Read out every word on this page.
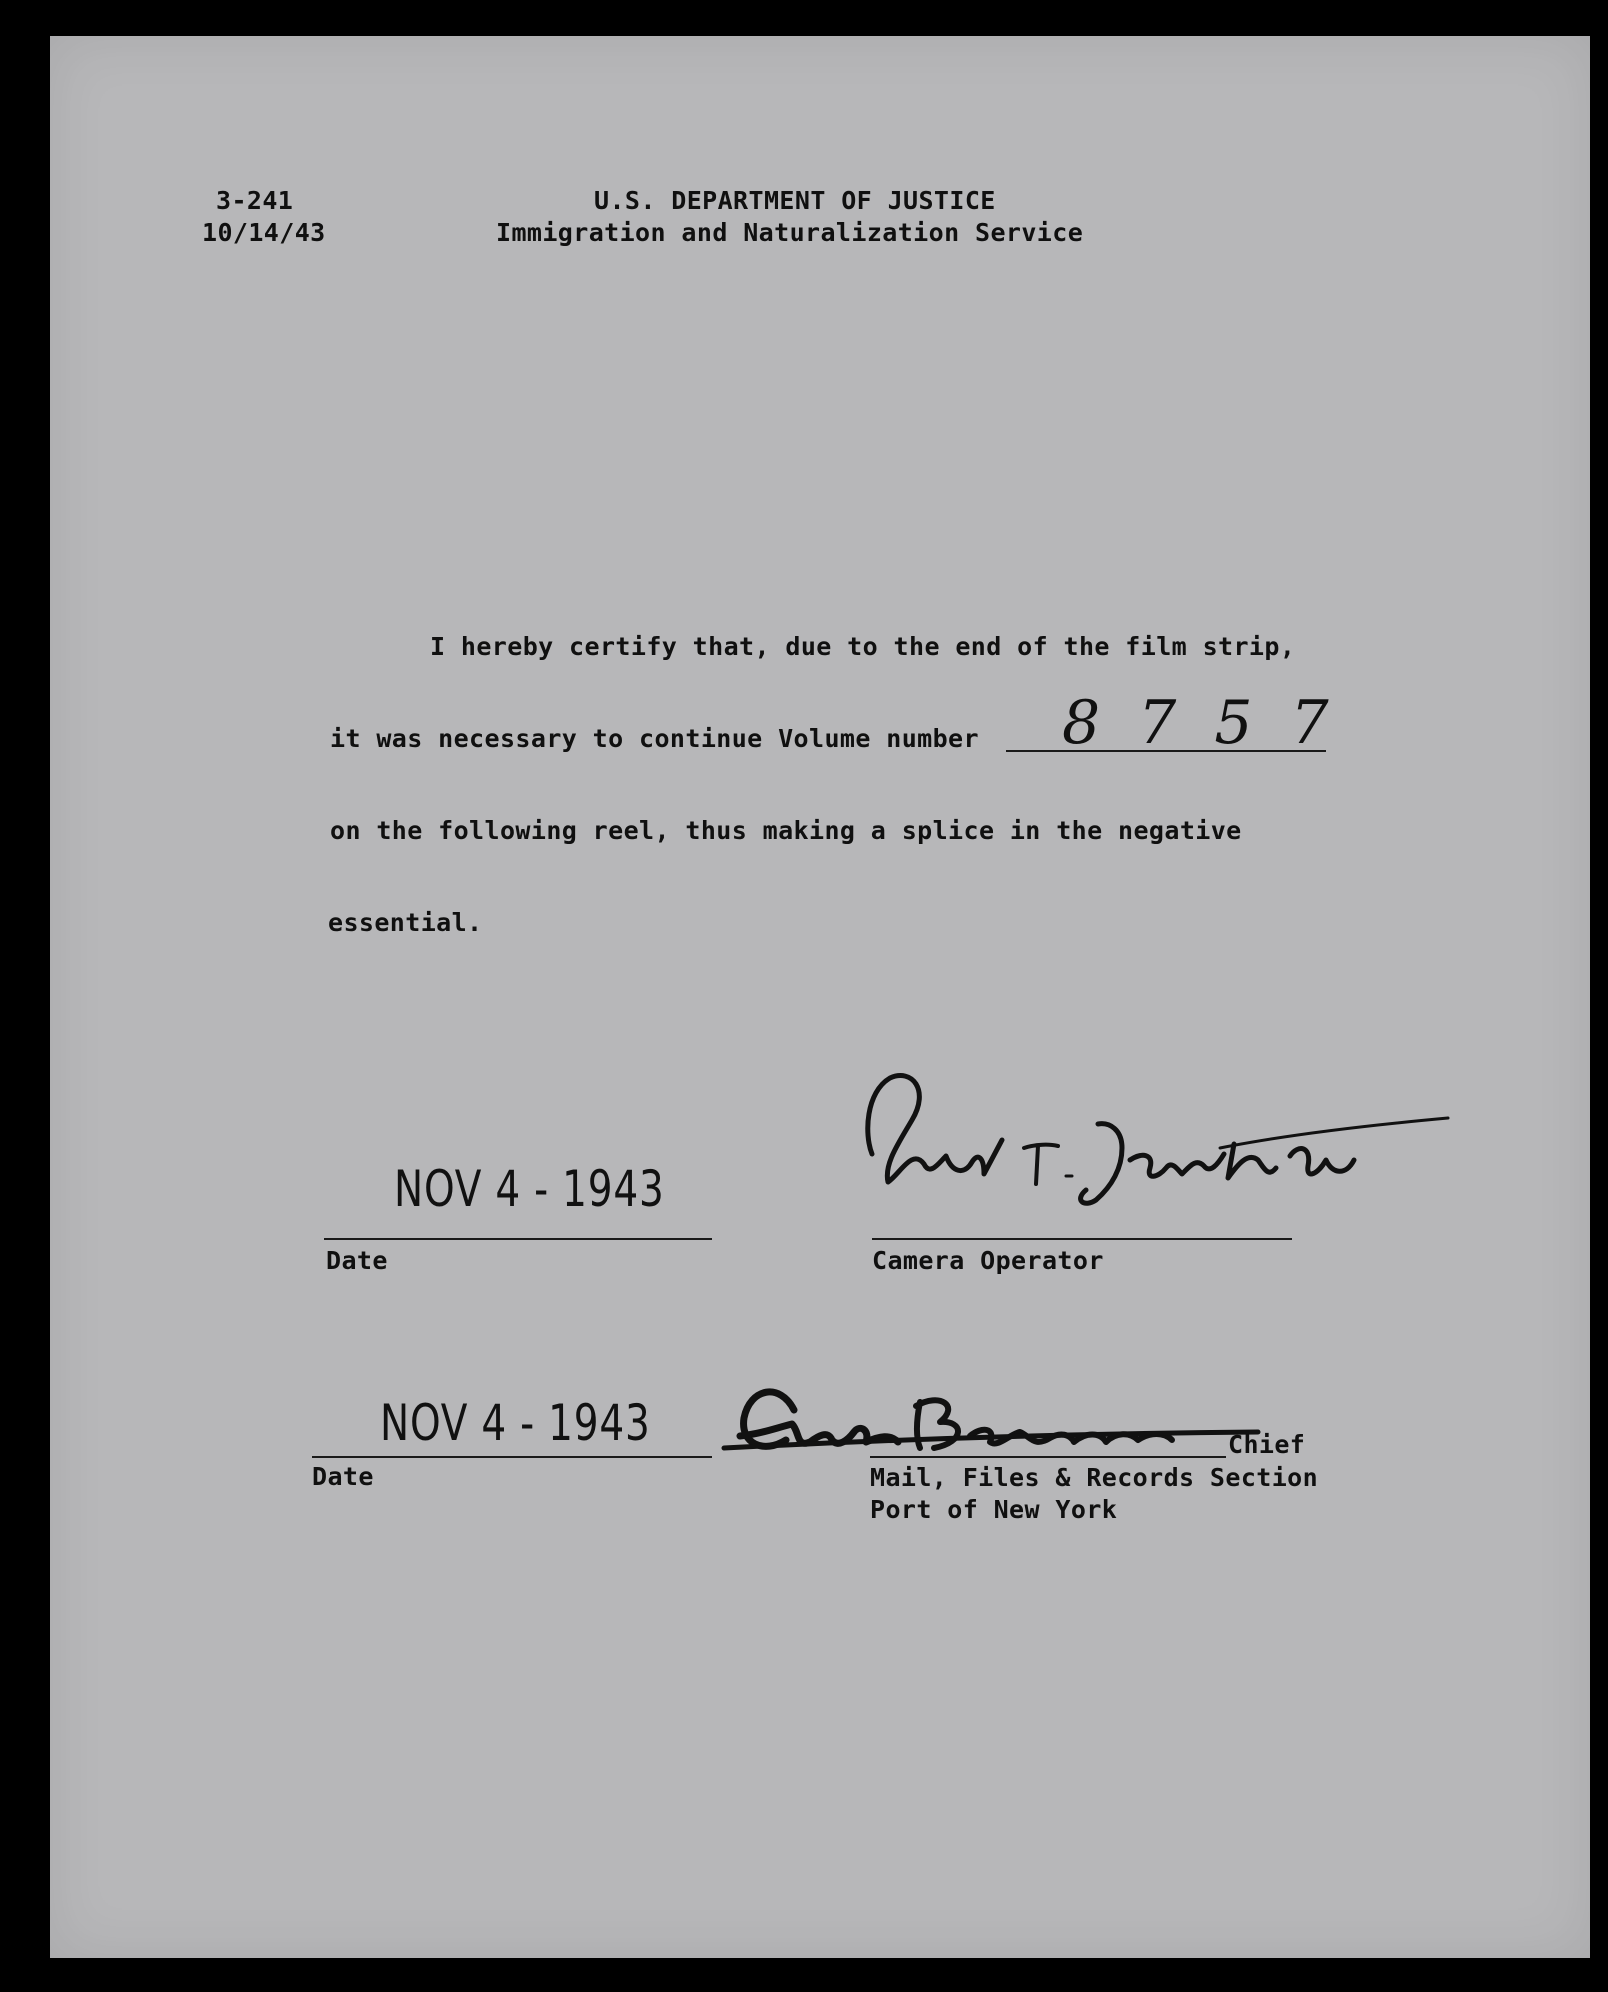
3-241
10/14/43
U.S. DEPARTMENT OF JUSTICE
Immigration and Naturalization Service
I hereby certify that, due to the end of the film strip,
it was necessary to continue Volume number 8757
on the following reel, thus making a splice in the negative
essential.
NOV 4 - 1943
Date	Camera Operator
NOV 4 - 1943
Date
Chief
Mail, Files & Records Section
Port of New York
